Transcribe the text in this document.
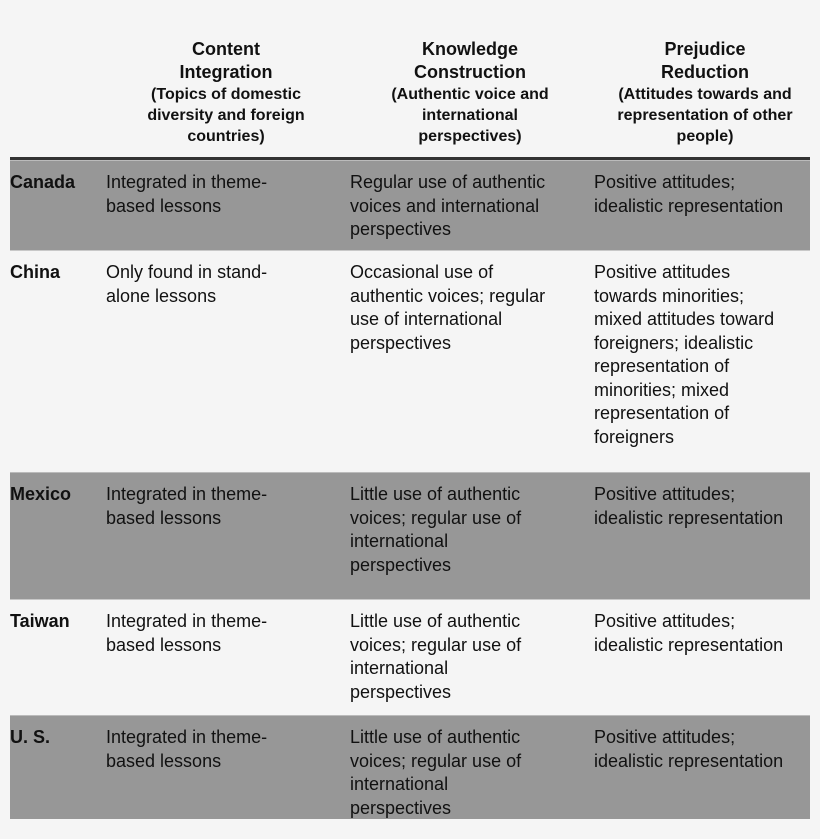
Content
Integration
(Topics of domestic
diversity and foreign
countries)
Knowledge
Construction
(Authentic voice and
international
perspectives)
Prejudice
Reduction
(Attitudes towards and
representation of other
people)
Canada Integrated in theme-
based lessons
Regular use of authentic
voices and international
perspectives
Positive attitudes;
idealistic representation
China	Only found in stand-
alone lessons
Occasional use of
authentic voices; regular
use of international
perspectives
Positive attitudes
towards minorities;
mixed attitudes toward
foreigners; idealistic
representation of
minorities; mixed
representation of
foreigners
Mexico Integrated in theme-
based lessons
Little use of authentic
voices; regular use of
international
perspectives
Positive attitudes;
idealistic representation
Taiwan Integrated in theme-
based lessons
Little use of authentic
voices; regular use of
international
perspectives
Positive attitudes;
idealistic representation
U. S.	Integrated in theme-
based lessons
Little use of authentic
voices; regular use of
international
perspectives
Positive attitudes;
idealistic representation
